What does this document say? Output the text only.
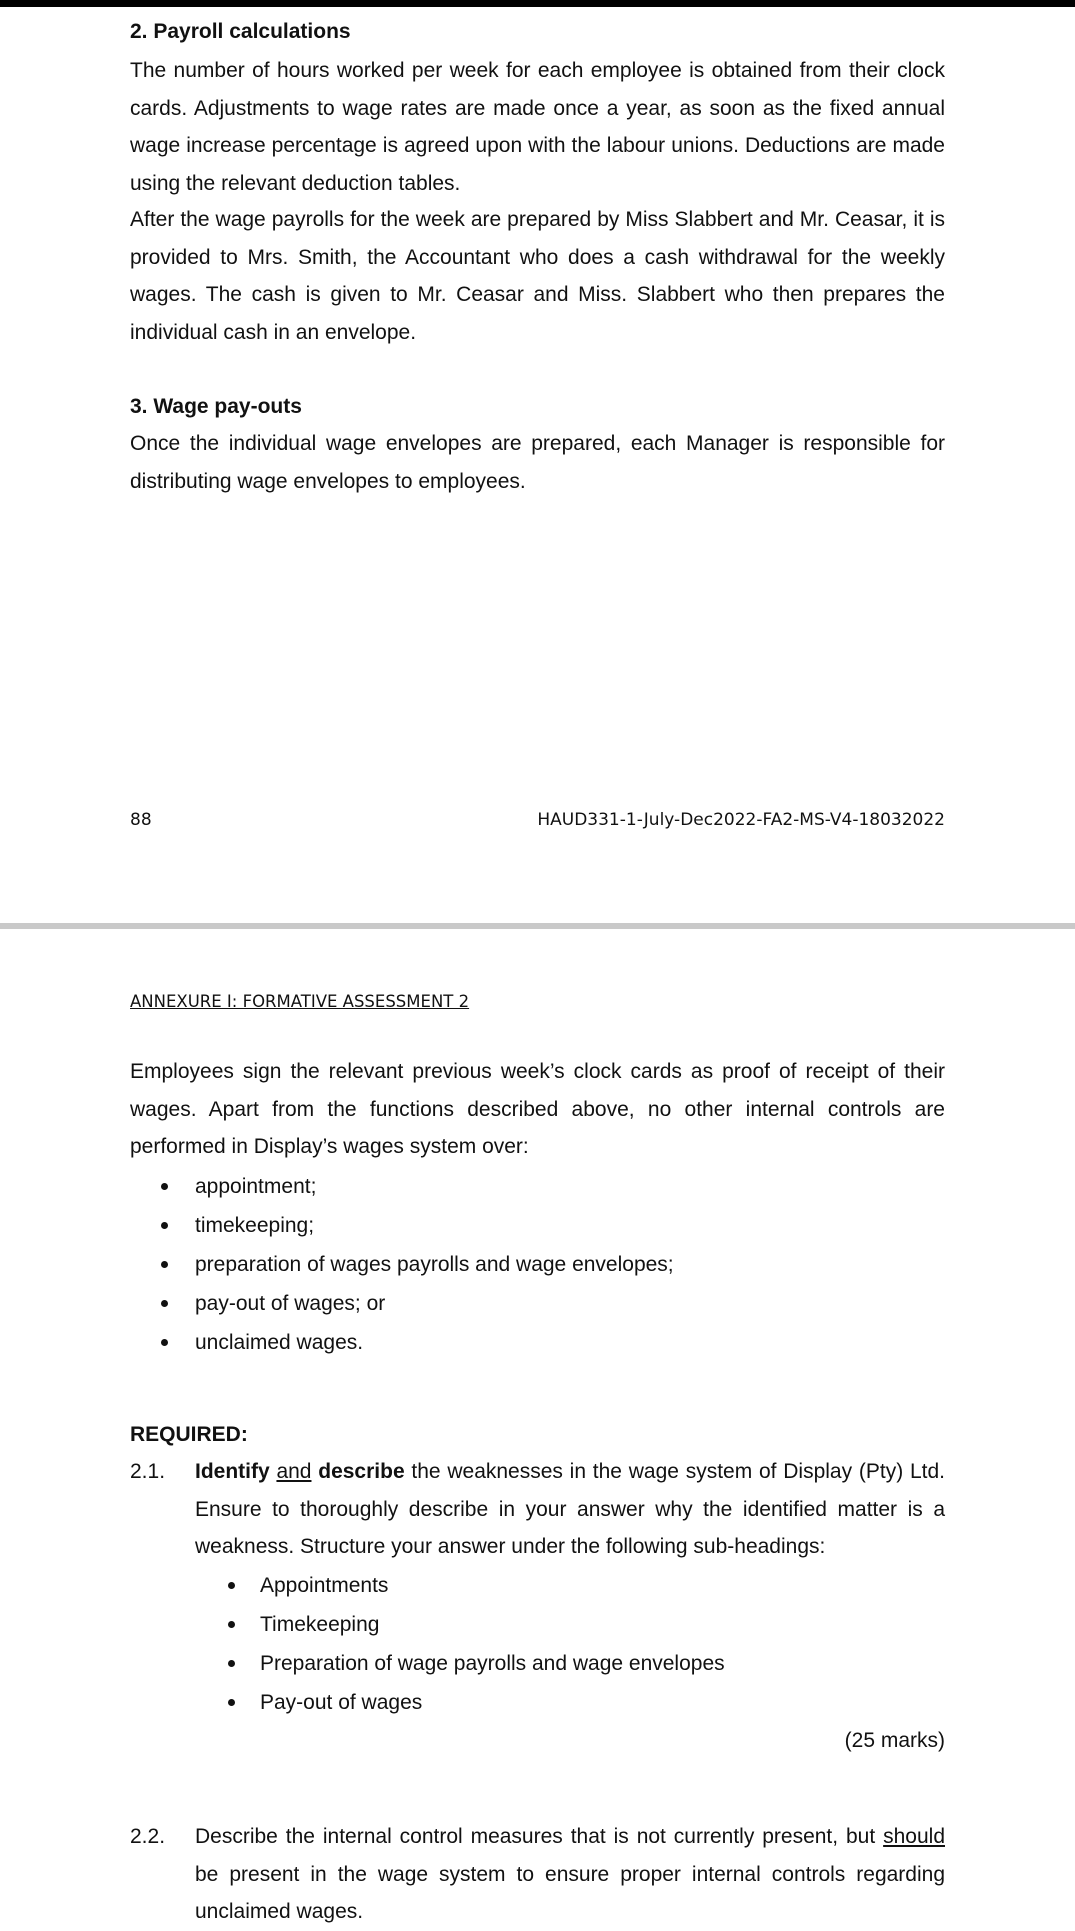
2. Payroll calculations
The number of hours worked per week for each employee is obtained from their clock cards. Adjustments to wage rates are made once a year, as soon as the fixed annual wage increase percentage is agreed upon with the labour unions. Deductions are made using the relevant deduction tables.
After the wage payrolls for the week are prepared by Miss Slabbert and Mr. Ceasar, it is provided to Mrs. Smith, the Accountant who does a cash withdrawal for the weekly wages. The cash is given to Mr. Ceasar and Miss. Slabbert who then prepares the individual cash in an envelope.
3. Wage pay-outs
Once the individual wage envelopes are prepared, each Manager is responsible for distributing wage envelopes to employees.
88	HAUD331-1-July-Dec2022-FA2-MS-V4-18032022
ANNEXURE I: FORMATIVE ASSESSMENT 2
Employees sign the relevant previous week’s clock cards as proof of receipt of their wages. Apart from the functions described above, no other internal controls are performed in Display’s wages system over:
appointment;
timekeeping;
preparation of wages payrolls and wage envelopes;
pay-out of wages; or
unclaimed wages.
REQUIRED:
2.1. Identify and describe the weaknesses in the wage system of Display (Pty) Ltd. Ensure to thoroughly describe in your answer why the identified matter is a weakness. Structure your answer under the following sub-headings:
Appointments
Timekeeping
Preparation of wage payrolls and wage envelopes
Pay-out of wages
(25 marks)
2.2. Describe the internal control measures that is not currently present, but should be present in the wage system to ensure proper internal controls regarding unclaimed wages.
